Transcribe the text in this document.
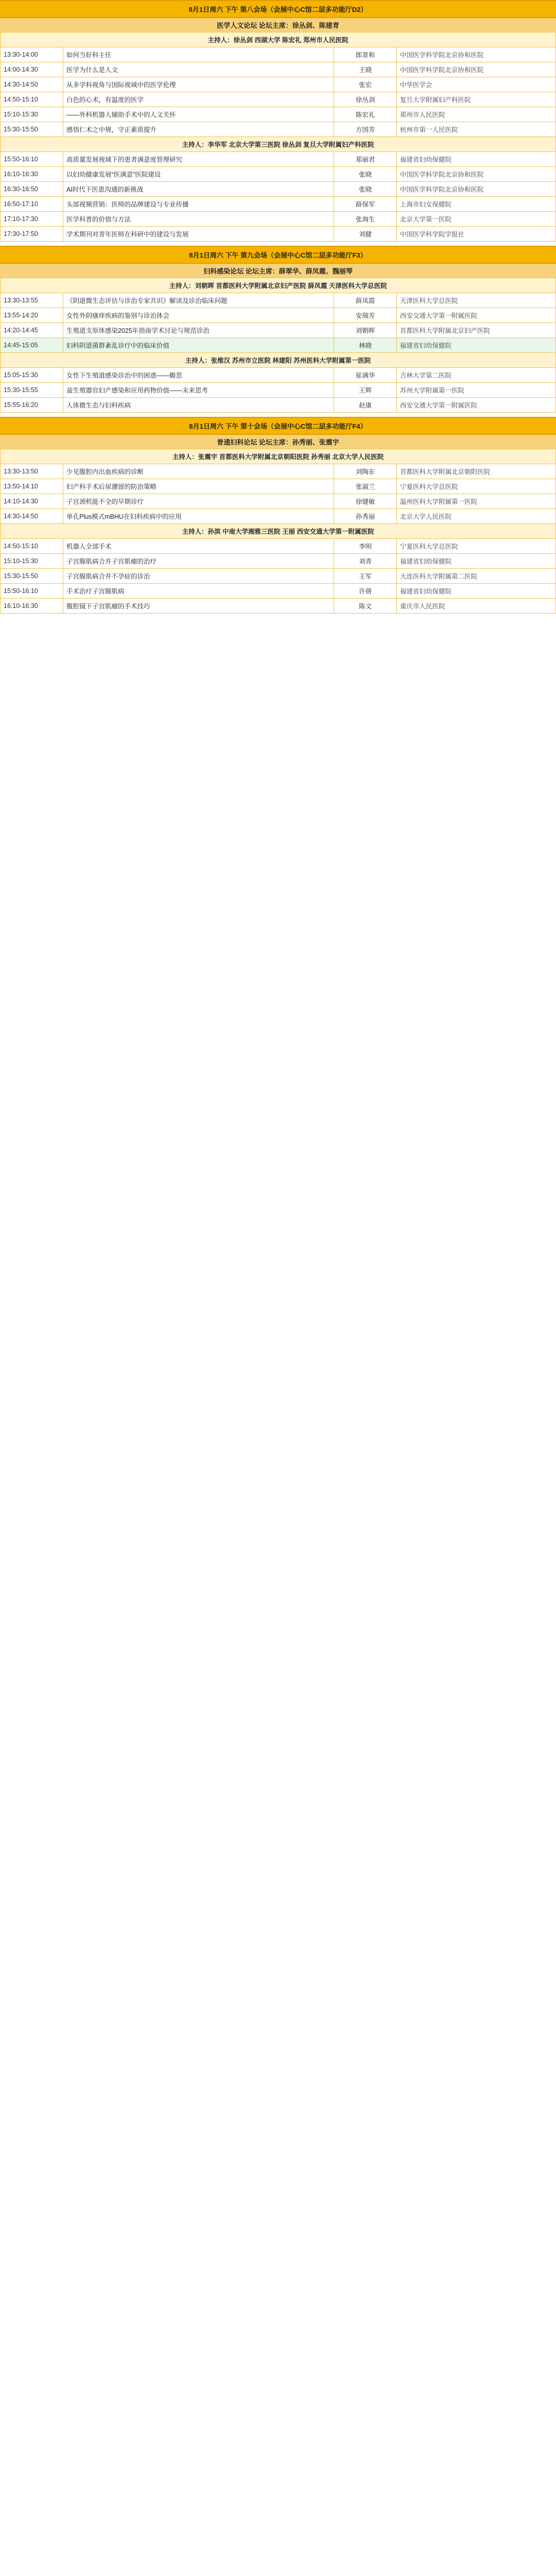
8月1日周六 下午 第八会场（会展中心C馆二层多功能厅D2）
医学人文论坛 论坛主席：徐丛剑、陈建青
主持人：徐丛剑 西湖大学 陈宏礼 郑州市人民医院			
13:30-14:00	如何当好科主任	郎景和	中国医学科学院北京协和医院
14:00-14:30	医学为什么是人文	王晓	中国医学科学院北京协和医院
14:30-14:50	从多学科视角与国际视域中的医学伦理	张宏	中华医学会
14:50-15:10	白色的心术，有温度的医学	徐丛剑	复旦大学附属妇产科医院
15:10-15:30	——外科机器人辅助手术中的人文关怀	陈宏礼	郑州市人民医院
15:30-15:50	感悟仁术之中规，守正素质提升	方国芳	杭州市第一人民医院
主持人：李华军 北京大学第三医院 徐丛剑 复旦大学附属妇产科医院			
15:50-16:10	高质量发展视域下的患者满意度管理研究	郑丽君	福建省妇幼保健院
16:10-16:30	以妇幼健康发展“医满意”医院建设	张晓	中国医学科学院北京协和医院
16:30-16:50	AI时代下医患沟通的新挑战	张晓	中国医学科学院北京协和医院
16:50-17:10	头部视频营销：医师的品牌建设与专业传播	薛保军	上海市妇女保健院
17:10-17:30	医学科普的价值与方法	张海生	北京大学第一医院
17:30-17:50	学术期刊对青年医师在科研中的建设与发展	刘健	中国医学科学院学报社
8月1日周六 下午 第九会场（会展中心C馆二层多功能厅F3）
妇科感染论坛 论坛主席：薛翠华、薛凤霞、魏丽琴
主持人：刘朝晖 首都医科大学附属北京妇产医院 薛凤霞 天津医科大学总医院			
13:30-13:55	《阴道微生态评估与诊治专家共识》解读及诊治临床问题	薛凤霞	天津医科大学总医院
13:55-14:20	女性外阴瘙痒疾病的鉴别与诊治体会	安瑞芳	西安交通大学第一附属医院
14:20-14:45	生殖道支原体感染2025年指南学术讨论与规范诊治	刘朝晖	首都医科大学附属北京妇产医院
14:45-15:05	妇科阴道菌群紊乱诊疗中的临床价值	林晓	福建省妇幼保健院
主持人：张维汉 苏州市立医院 林建阳 苏州医科大学附属第一医院			
15:05-15:30	女性下生殖道感染诊治中的困惑——瞻思	崔满华	吉林大学第二医院
15:30-15:55	盆生殖器官妇产感染和应用药物价值——未来思考	王辉	苏州大学附属第一医院
15:55-16:20	人体微生态与妇科疾病	赵康	西安交通大学第一附属医院
8月1日周六 下午 第十会场（会展中心C馆二层多功能厅F4）
普通妇科论坛 论坛主席：孙秀丽、张震宇
主持人：张震宇 首都医科大学附属北京朝阳医院 孙秀丽 北京大学人民医院			
13:30-13:50	少见腹腔内出血疾病的诊断	刘陶东	首都医科大学附属北京朝阳医院
13:50-14:10	妇产科手术后尿潴留的防治策略	张淑兰	宁夏医科大学总医院
14:10-14:30	子宫颈机能不全的早期诊疗	徐键敏	温州医科大学附属第一医院
14:30-14:50	单孔Plus模式mBHU在妇科疾病中的应用	孙秀丽	北京大学人民医院
主持人：孙滨 中南大学湘雅三医院 王丽 西安交通大学第一附属医院			
14:50-15:10	机器人全部手术	李明	宁夏医科大学总医院
15:10-15:30	子宫腺肌病合并子宫肌瘤的治疗	刘青	福建省妇幼保健院
15:30-15:50	子宫腺肌病合并不孕症的诊治	王军	大连医科大学附属第二医院
15:50-16:10	手术治疗子宫腺肌病	许倩	福建省妇幼保健院
16:10-16:30	腹腔镜下子宫肌瘤的手术技巧	陈文	重庆市人民医院
